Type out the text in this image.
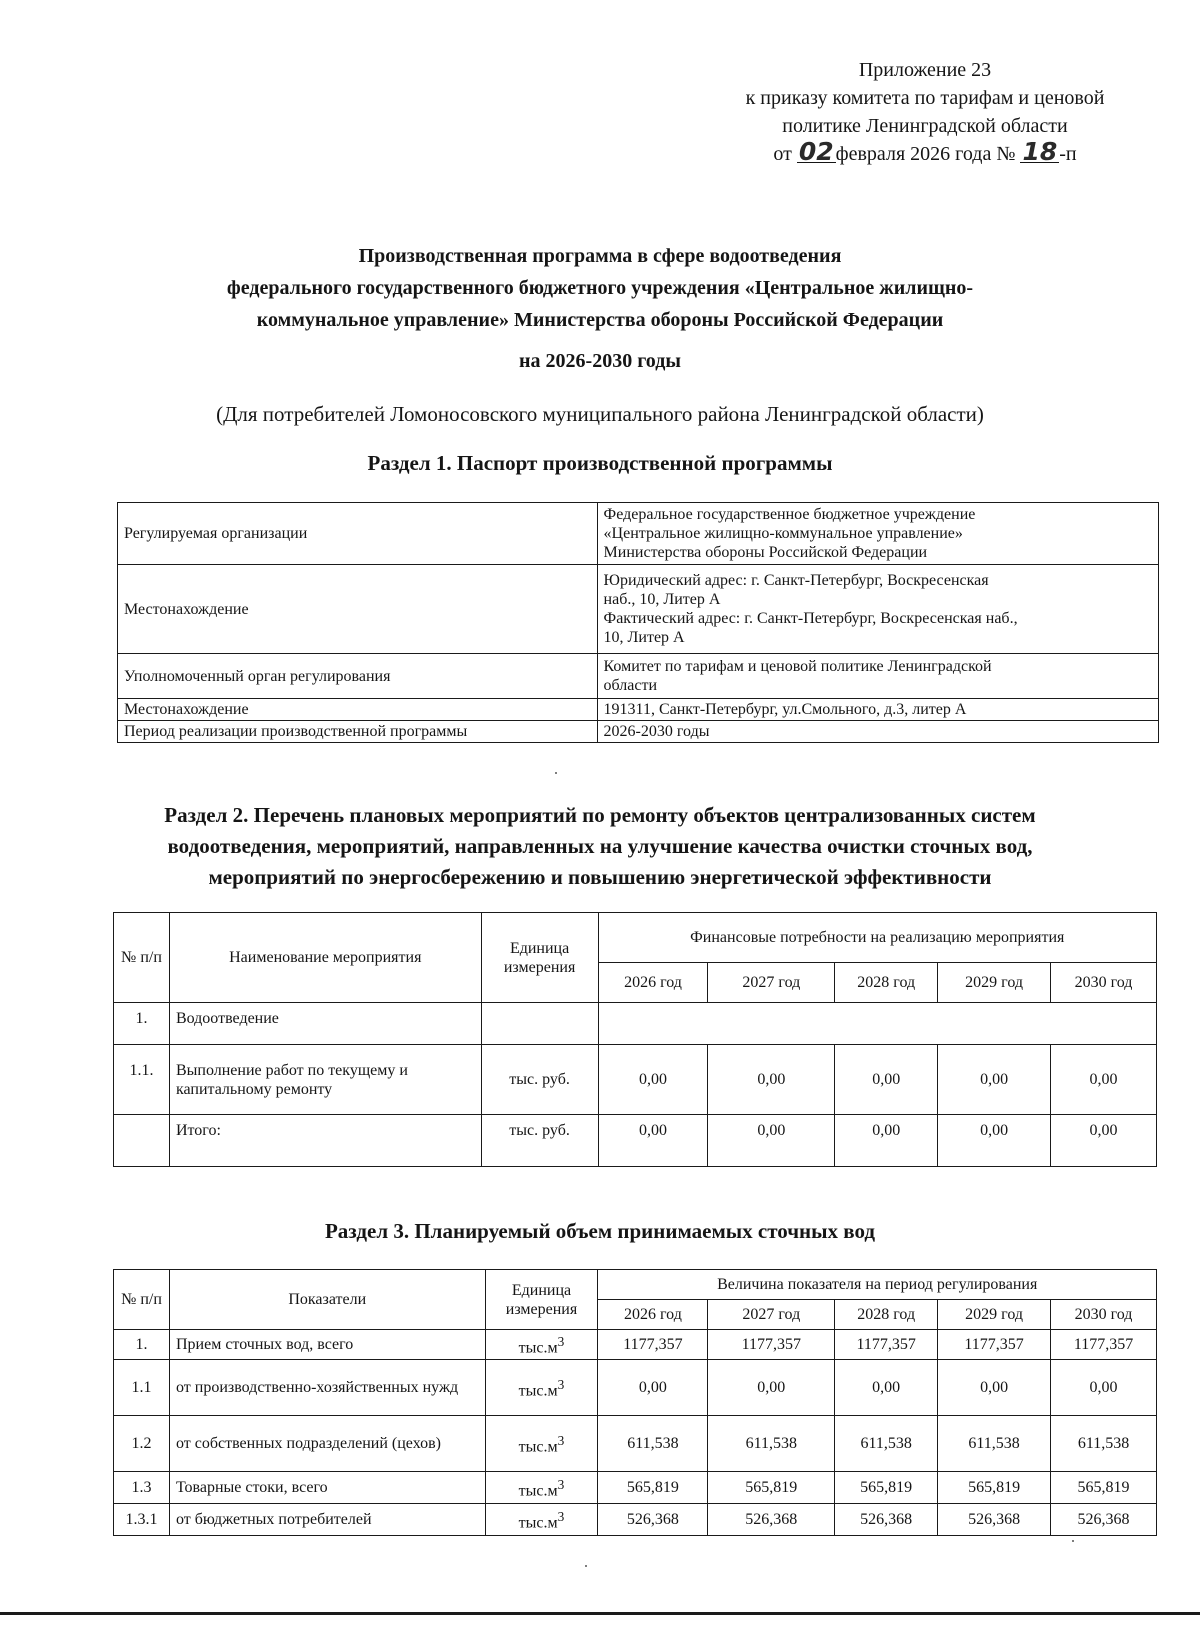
Приложение 23
к приказу комитета по тарифам и ценовой
политике Ленинградской области
от 02 февраля 2026 года № 18 -п
Производственная программа в сфере водоотведения
федерального государственного бюджетного учреждения «Центральное жилищно-
коммунальное управление» Министерства обороны Российской Федерации
на 2026-2030 годы
(Для потребителей Ломоносовского муниципального района Ленинградской области)
Раздел 1. Паспорт производственной программы
Регулируемая организации	Федеральное государственное бюджетное учреждение
«Центральное жилищно-коммунальное управление»
Министерства обороны Российской Федерации

Местонахождение	Юридический адрес: г. Санкт-Петербург, Воскресенская
наб., 10, Литер А
Фактический адрес: г. Санкт-Петербург, Воскресенская наб.,
10, Литер А

Уполномоченный орган регулирования	Комитет по тарифам и ценовой политике Ленинградской
области

Местонахождение	191311, Санкт-Петербург, ул.Смольного, д.3, литер А
Период реализации производственной программы	2026-2030 годы
Раздел 2. Перечень плановых мероприятий по ремонту объектов централизованных систем
водоотведения, мероприятий, направленных на улучшение качества очистки сточных вод,
мероприятий по энергосбережению и повышению энергетической эффективности
№ п/п	Наименование мероприятия	Единица измерения	Финансовые потребности на реализацию мероприятия				
			2026 год	2027 год	2028 год	2029 год	2030 год
1.	Водоотведение						
1.1.	Выполнение работ по текущему и капитальному ремонту	тыс. руб.	0,00	0,00	0,00	0,00	0,00
	Итого:	тыс. руб.	0,00	0,00	0,00	0,00	0,00
Раздел 3. Планируемый объем принимаемых сточных вод
№ п/п	Показатели	Единица измерения	Величина показателя на период регулирования				
			2026 год	2027 год	2028 год	2029 год	2030 год
1.	Прием сточных вод, всего	$тыс.м^3$	1177,357	1177,357	1177,357	1177,357	1177,357
1.1	от производственно-хозяйственных нужд	$тыс.м^3$	0,00	0,00	0,00	0,00	0,00
1.2	от собственных подразделений (цехов)	$тыс.м^3$	611,538	611,538	611,538	611,538	611,538
1.3	Товарные стоки, всего	$тыс.м^3$	565,819	565,819	565,819	565,819	565,819
1.3.1	от бюджетных потребителей	$тыс.м^3$	526,368	526,368	526,368	526,368	526,368
